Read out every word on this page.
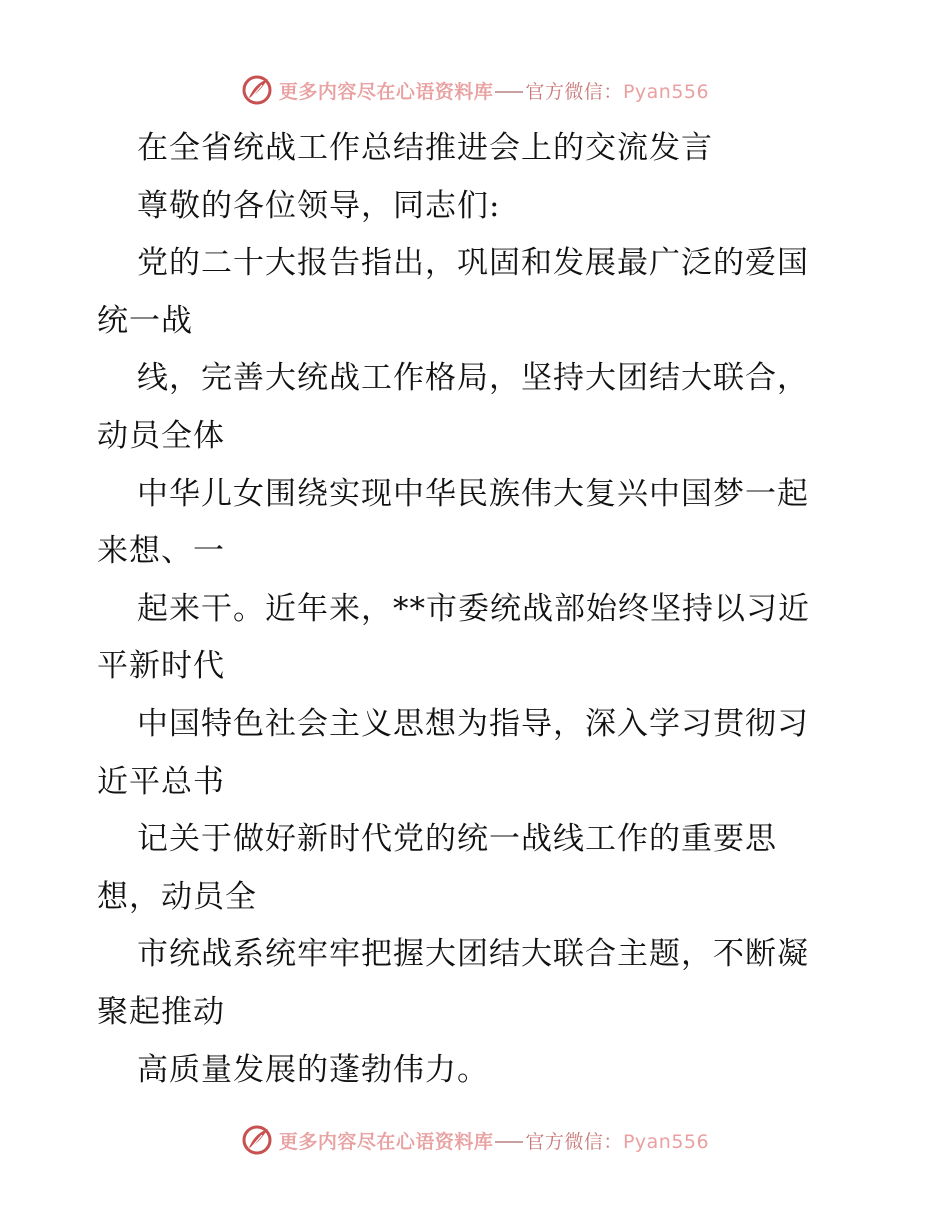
更多内容尽在心语资料库 官方微信：Pyan556
在全省统战工作总结推进会上的交流发言
尊敬的各位领导，同志们:
党的二十大报告指出，巩固和发展最广泛的爱国
统一战
线，完善大统战工作格局，坚持大团结大联合，
动员全体
中华儿女围绕实现中华民族伟大复兴中国梦一起
来想、一
起来干。近年来，**市委统战部始终坚持以习近
平新时代
中国特色社会主义思想为指导，深入学习贯彻习
近平总书
记关于做好新时代党的统一战线工作的重要思
想，动员全
市统战系统牢牢把握大团结大联合主题，不断凝
聚起推动
高质量发展的蓬勃伟力。
更多内容尽在心语资料库 官方微信：Pyan556
